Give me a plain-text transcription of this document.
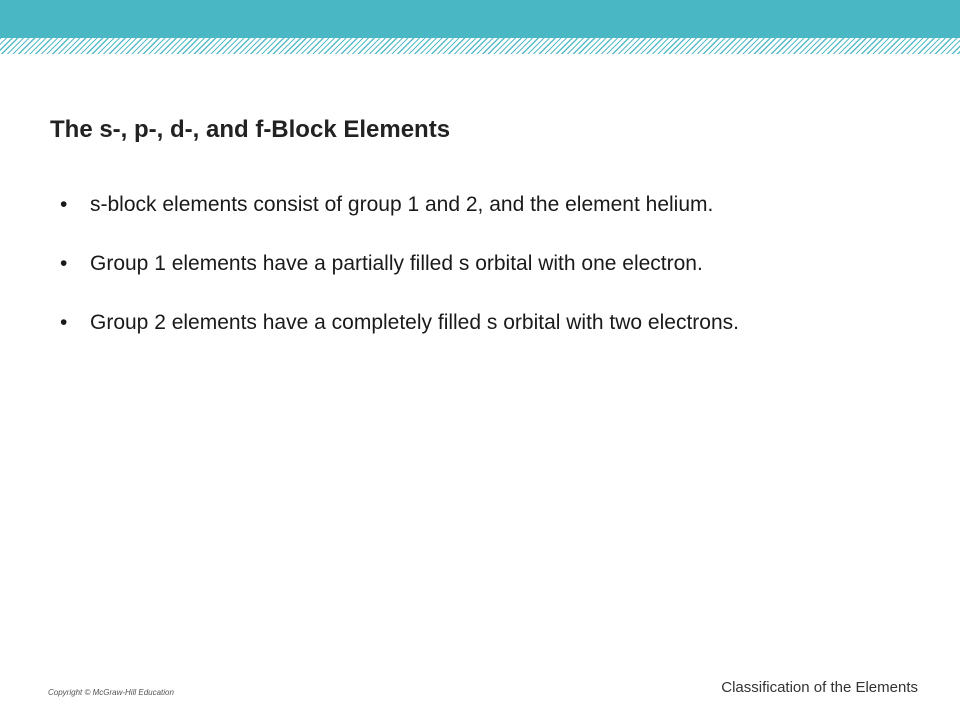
The s-, p-, d-, and f-Block Elements
• s-block elements consist of group 1 and 2, and the element helium.
• Group 1 elements have a partially filled s orbital with one electron.
• Group 2 elements have a completely filled s orbital with two electrons.
Copyright © McGraw-Hill Education	Classification of the Elements
